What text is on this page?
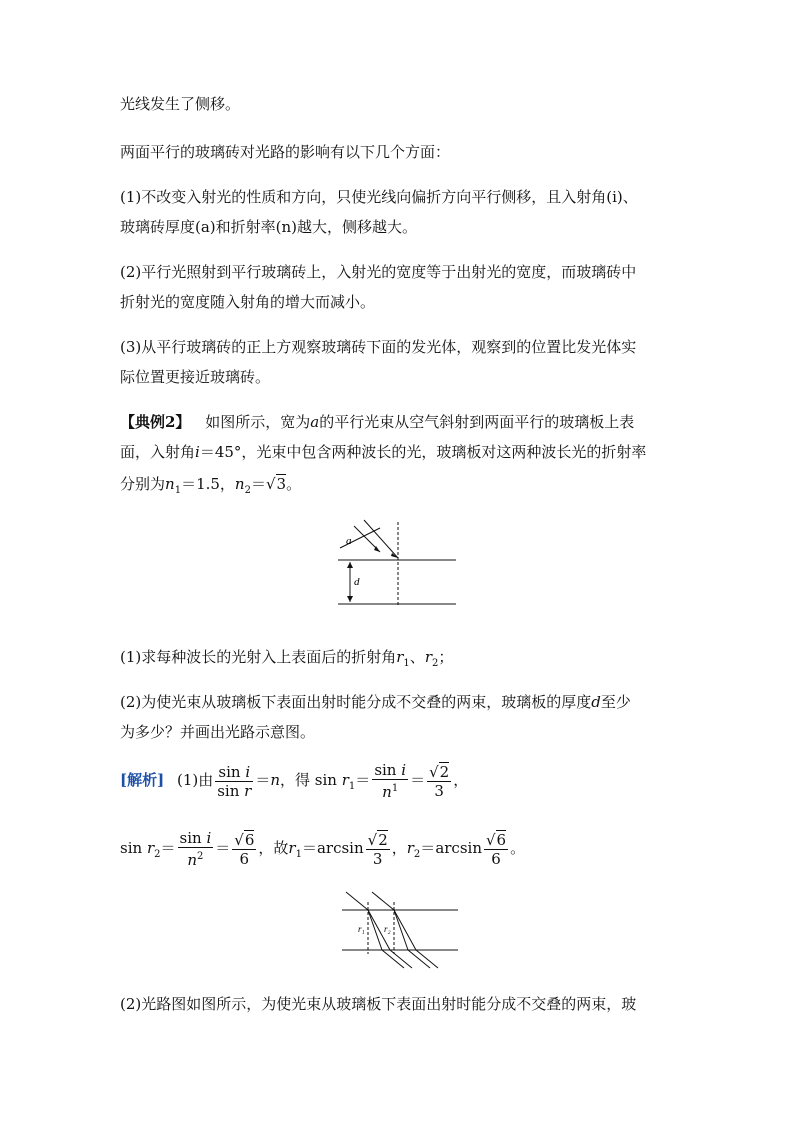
光线发生了侧移。
两面平行的玻璃砖对光路的影响有以下几个方面：
(1)不改变入射光的性质和方向，只使光线向偏折方向平行侧移，且入射角(i)、
玻璃砖厚度(a)和折射率(n)越大，侧移越大。
(2)平行光照射到平行玻璃砖上，入射光的宽度等于出射光的宽度，而玻璃砖中
折射光的宽度随入射角的增大而减小。
(3)从平行玻璃砖的正上方观察玻璃砖下面的发光体，观察到的位置比发光体实
际位置更接近玻璃砖。
【典例2】 如图所示，宽为a的平行光束从空气斜射到两面平行的玻璃板上表
面，入射角i＝45°，光束中包含两种波长的光，玻璃板对这两种波长光的折射率
分别为$n_1=1.5$，$n_2=√3$。
a
d
(1)求每种波长的光射入上表面后的折射角$r_1$、$r_2$；
(2)为使光束从玻璃板下表面出射时能分成不交叠的两束，玻璃板的厚度d至少
为多少？并画出光路示意图。
[解析] (1)由 $\frac{\text{sin i}}{\text{sin r}} =n$，得 $\sin r_1= \frac{\text{sin i}}{n^1} = \frac{√2}{3}$ ，
$\sin r_2= \frac{\text{sin i}}{n^2} = \frac{√6}{6}$ ，故$r_1=\arcsin \frac{√2}{3}$ ，$r_2=\arcsin \frac{√6}{6}$ 。
r₁ r₂
(2)光路图如图所示，为使光束从玻璃板下表面出射时能分成不交叠的两束，玻
